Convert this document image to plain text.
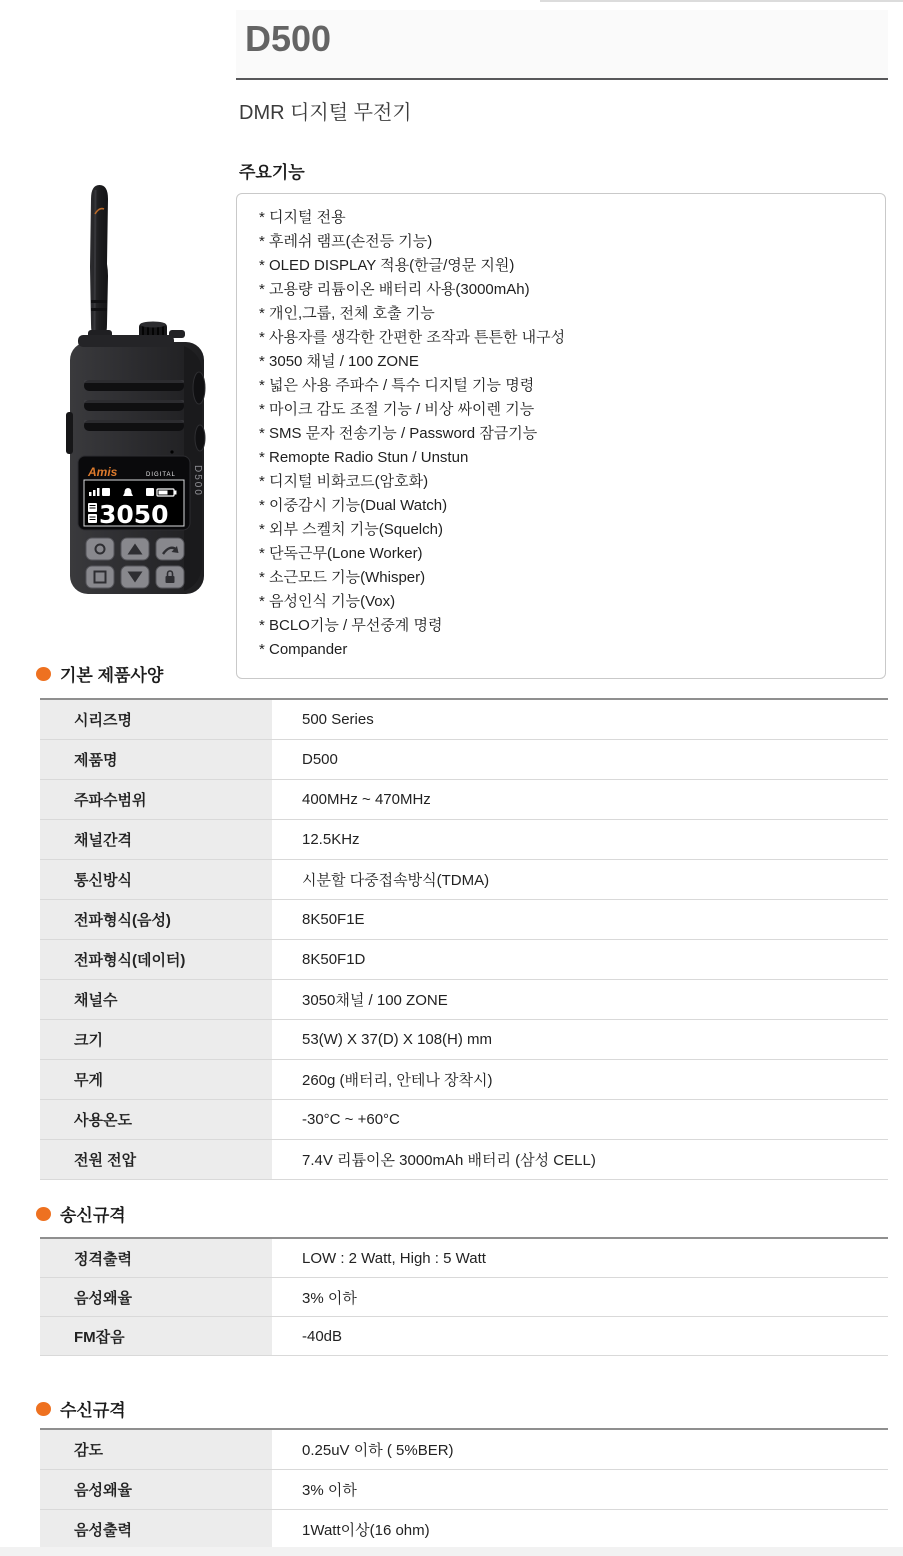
D500
DMR 디지털 무전기
주요기능
* 디지털 전용
* 후레쉬 램프(손전등 기능)
* OLED DISPLAY 적용(한글/영문 지원)
* 고용량 리튬이온 배터리 사용(3000mAh)
* 개인,그룹, 전체 호출 기능
* 사용자를 생각한 간편한 조작과 튼튼한 내구성
* 3050 채널 / 100 ZONE
* 넓은 사용 주파수 / 특수 디지털 기능 명령
* 마이크 감도 조절 기능 / 비상 싸이렌 기능
* SMS 문자 전송기능 / Password 잠금기능
* Remopte Radio Stun / Unstun
* 디지털 비화코드(암호화)
* 이중감시 기능(Dual Watch)
* 외부 스켈치 기능(Squelch)
* 단독근무(Lone Worker)
* 소근모드 기능(Whisper)
* 음성인식 기능(Vox)
* BCLO기능 / 무선중계 명령
* Compander
Amis	DIGITAL
3050
D500
기본 제품사양
시리즈명	500 Series
제품명	D500
주파수범위	400MHz ~ 470MHz
채널간격	12.5KHz
통신방식	시분할 다중접속방식(TDMA)
전파형식(음성)	8K50F1E
전파형식(데이터)	8K50F1D
채널수	3050채널 / 100 ZONE
크기	53(W) X 37(D) X 108(H) mm
무게	260g (배터리, 안테나 장착시)
사용온도	-30°C ~ +60°C
전원 전압	7.4V 리튬이온 3000mAh 배터리 (삼성 CELL)
송신규격
정격출력	LOW : 2 Watt, High : 5 Watt
음성왜율	3% 이하
FM잡음	-40dB
수신규격
감도	0.25uV 이하 ( 5%BER)
음성왜율	3% 이하
음성출력	1Watt이상(16 ohm)
